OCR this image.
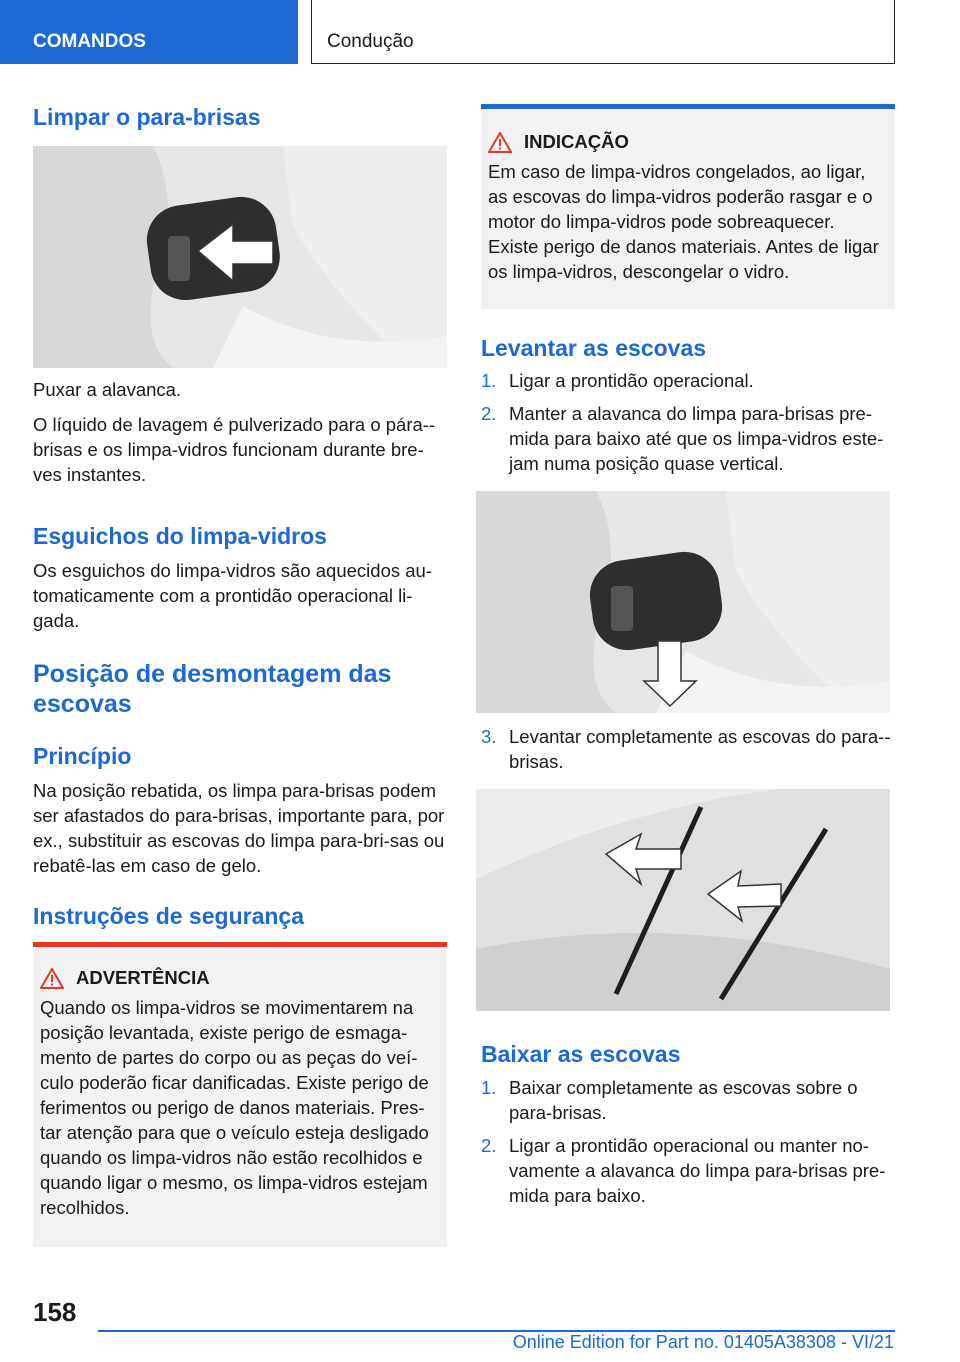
COMANDOS	Condução
Limpar o para-brisas

Puxar a alavanca.

O líquido de lavagem é pulverizado para o pára--brisas e os limpa-vidros funcionam durante bre-ves instantes.

Esguichos do limpa-vidros

Os esguichos do limpa-vidros são aquecidos au-tomaticamente com a prontidão operacional li-gada.

Posição de desmontagem das escovas
Princípio

Na posição rebatida, os limpa para-brisas podem ser afastados do para-brisas, importante para, por ex., substituir as escovas do limpa para-bri-sas ou rebatê-las em caso de gelo.

Instruções de segurança
ADVERTÊNCIA

Quando os limpa-vidros se movimentarem na posição levantada, existe perigo de esmaga-mento de partes do corpo ou as peças do veí-culo poderão ficar danificadas. Existe perigo de ferimentos ou perigo de danos materiais. Pres-tar atenção para que o veículo esteja desligado quando os limpa-vidros não estão recolhidos e quando ligar o mesmo, os limpa-vidros estejam recolhidos.

INDICAÇÃO

Em caso de limpa-vidros congelados, ao ligar, as escovas do limpa-vidros poderão rasgar e o motor do limpa-vidros pode sobreaquecer. Existe perigo de danos materiais. Antes de ligar os limpa-vidros, descongelar o vidro.

Levantar as escovas
1. Ligar a prontidão operacional.
2. Manter a alavanca do limpa para-brisas pre-mida para baixo até que os limpa-vidros este-jam numa posição quase vertical.
3. Levantar completamente as escovas do para--brisas.
Baixar as escovas
1. Baixar completamente as escovas sobre o para-brisas.
2. Ligar a prontidão operacional ou manter no-vamente a alavanca do limpa para-brisas pre-mida para baixo.
158
Online Edition for Part no. 01405A38308 - VI/21
